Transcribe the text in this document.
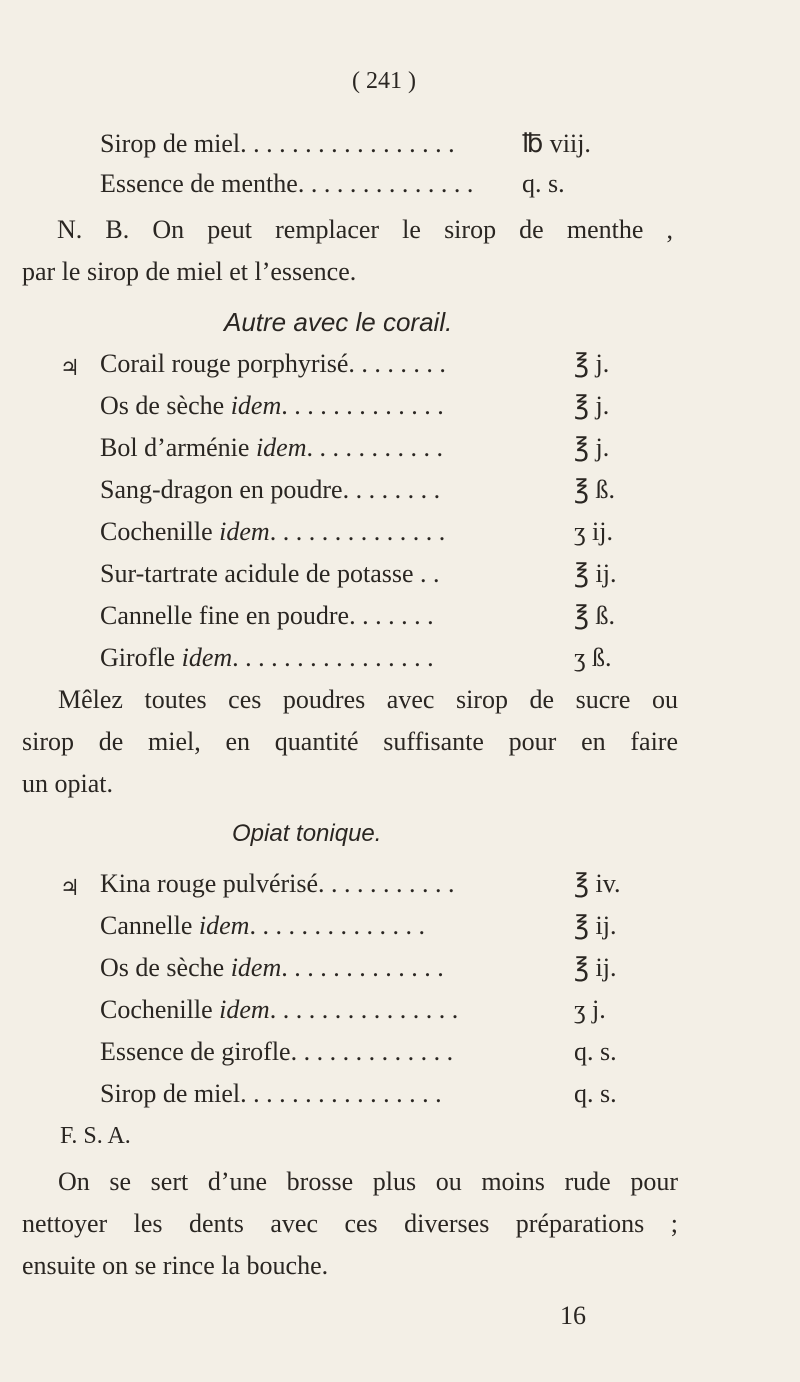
( 241 )
Sirop de miel. . . . . . . . . . . . . . . . .	℔ viij.
Essence de menthe. . . . . . . . . . . . . . q. s.
N. B. On peut remplacer le sirop de menthe ,
par le sirop de miel et l’essence.
Autre avec le corail.
♃ Corail rouge porphyrisé. . . . . . . .	℥ j.
Os de sèche idem. . . . . . . . . . . . .	℥ j.
Bol d’arménie idem. . . . . . . . . . .	℥ j.
Sang-dragon en poudre. . . . . . . .	℥ ß.
Cochenille idem. . . . . . . . . . . . . .	ʒ ij.
Sur-tartrate acidule de potasse . .	℥ ij.
Cannelle fine en poudre. . . . . . .	℥ ß.
Girofle idem. . . . . . . . . . . . . . . .	ʒ ß.
Mêlez toutes ces poudres avec sirop de sucre ou
sirop de miel, en quantité suffisante pour en faire
un opiat.
Opiat tonique.
♃ Kina rouge pulvérisé. . . . . . . . . . .	℥ iv.
Cannelle idem. . . . . . . . . . . . . .	℥ ij.
Os de sèche idem. . . . . . . . . . . . .	℥ ij.
Cochenille idem. . . . . . . . . . . . . . .	ʒ j.
Essence de girofle. . . . . . . . . . . . .	q. s.
Sirop de miel. . . . . . . . . . . . . . . .	q. s.
F. S. A.
On se sert d’une brosse plus ou moins rude pour
nettoyer les dents avec ces diverses préparations ;
ensuite on se rince la bouche.
16
